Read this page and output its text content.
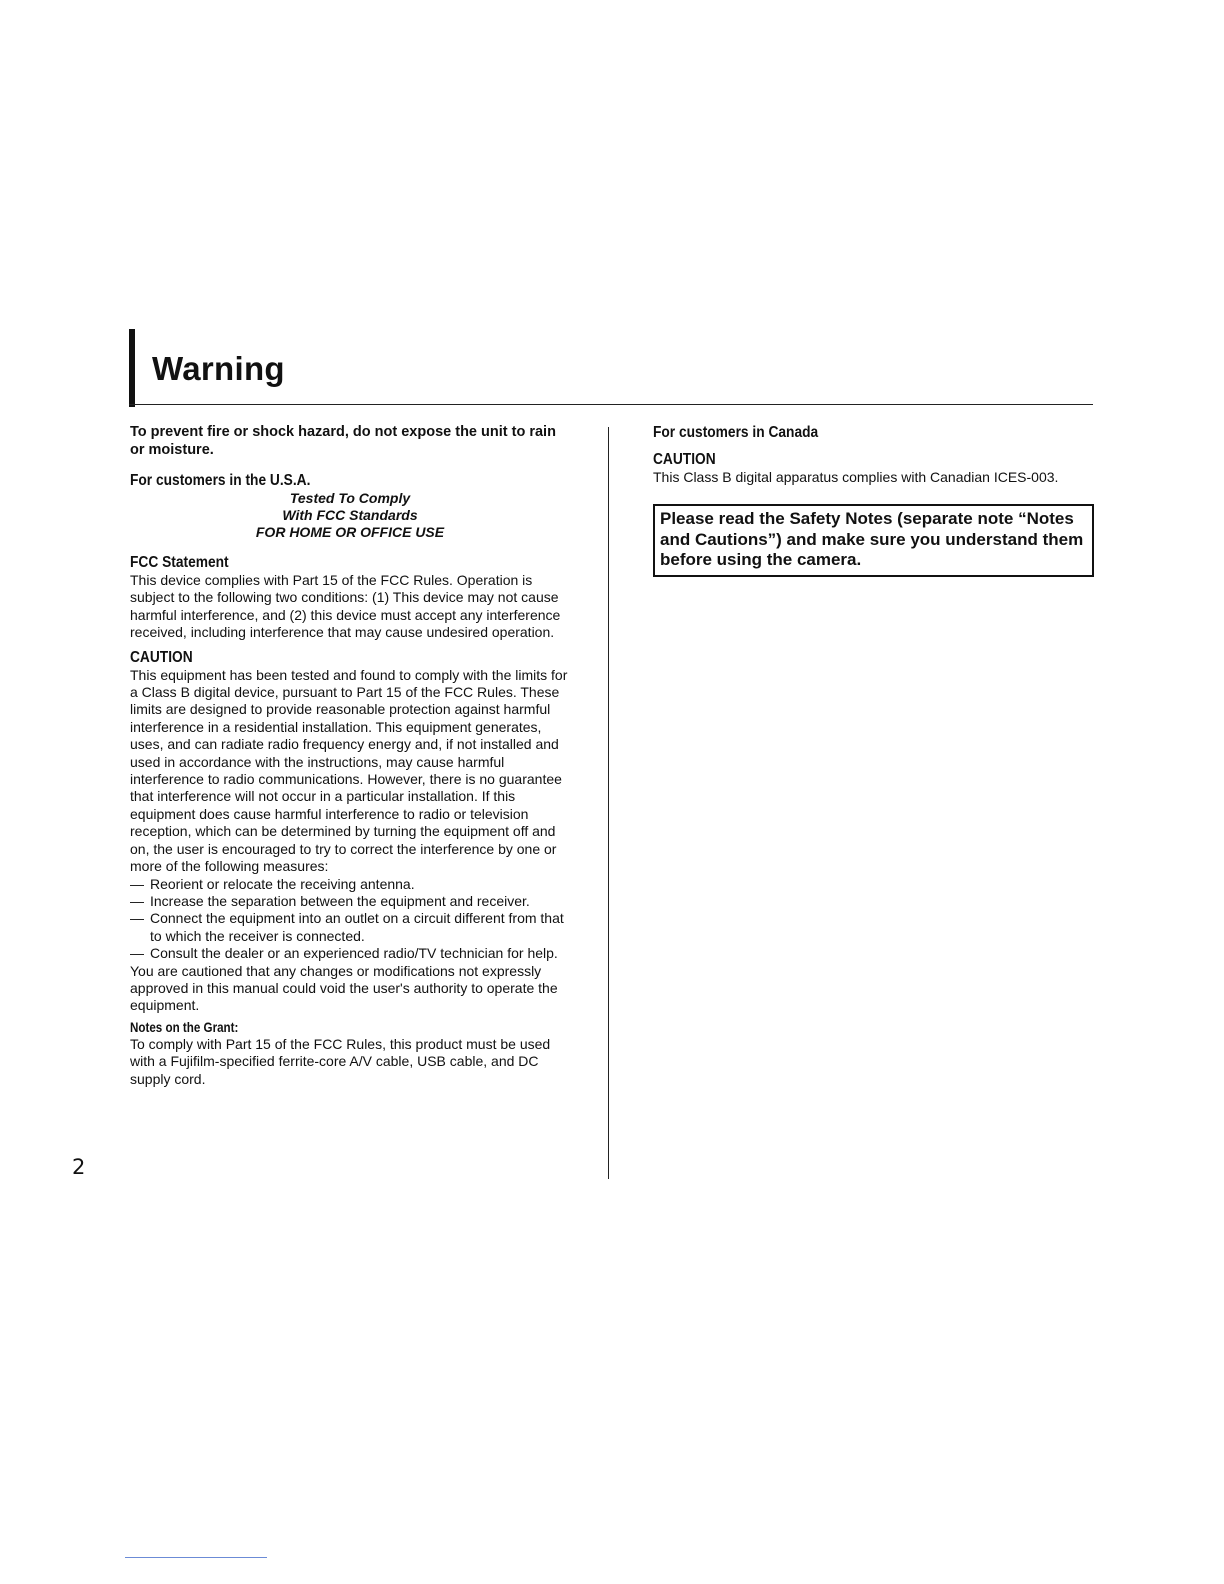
Warning

To prevent fire or shock hazard, do not expose the unit to rain or moisture.

For customers in the U.S.A.

Tested To Comply

With FCC Standards

FOR HOME OR OFFICE USE

FCC Statement

This device complies with Part 15 of the FCC Rules. Operation is subject to the following two conditions: (1) This device may not cause harmful interference, and (2) this device must accept any interference received, including interference that may cause undesired operation.

CAUTION

This equipment has been tested and found to comply with the limits for a Class B digital device, pursuant to Part 15 of the FCC Rules. These limits are designed to provide reasonable protection against harmful interference in a residential installation. This equipment generates, uses, and can radiate radio frequency energy and, if not installed and used in accordance with the instructions, may cause harmful interference to radio communications. However, there is no guarantee that interference will not occur in a particular installation. If this equipment does cause harmful interference to radio or television reception, which can be determined by turning the equipment off and on, the user is encouraged to try to correct the interference by one or more of the following measures:

— Reorient or relocate the receiving antenna.
— Increase the separation between the equipment and receiver.
— Connect the equipment into an outlet on a circuit different from that to which the receiver is connected.
— Consult the dealer or an experienced radio/TV technician for help.

You are cautioned that any changes or modifications not expressly approved in this manual could void the user's authority to operate the equipment.

Notes on the Grant:

To comply with Part 15 of the FCC Rules, this product must be used with a Fujifilm-specified ferrite-core A/V cable, USB cable, and DC supply cord.

For customers in Canada
CAUTION

This Class B digital apparatus complies with Canadian ICES-003.

Please read the Safety Notes (separate note “Notes and Cautions”) and make sure you understand them before using the camera.

2
